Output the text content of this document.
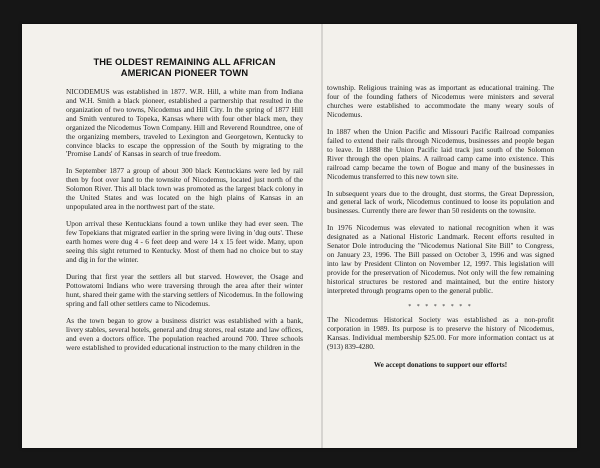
THE OLDEST REMAINING ALL AFRICAN
AMERICAN PIONEER TOWN

NICODEMUS was established in 1877. W.R. Hill, a white man from Indiana and W.H. Smith a black pioneer, established a partnership that resulted in the organization of two towns, Nicodemus and Hill City. In the spring of 1877 Hill and Smith ventured to Topeka, Kansas where with four other black men, they organized the Nicodemus Town Company. Hill and Reverend Roundtree, one of the organizing members, traveled to Lexington and Georgetown, Kentucky to convince blacks to escape the oppression of the South by migrating to the 'Promise Lands' of Kansas in search of true freedom.

In September 1877 a group of about 300 black Kentuckians were led by rail then by foot over land to the townsite of Nicodemus, located just north of the Solomon River. This all black town was promoted as the largest black colony in the United States and was located on the high plains of Kansas in an unpopulated area in the northwest part of the state.

Upon arrival these Kentuckians found a town unlike they had ever seen. The few Topekians that migrated earlier in the spring were living in 'dug outs'. These earth homes were dug 4 - 6 feet deep and were 14 x 15 feet wide. Many, upon seeing this sight returned to Kentucky. Most of them had no choice but to stay and dig in for the winter.

During that first year the settlers all but starved. However, the Osage and Pottowatomi Indians who were traversing through the area after their winter hunt, shared their game with the starving settlers of Nicodemus. In the following spring and fall other settlers came to Nicodemus.

As the town began to grow a business district was established with a bank, livery stables, several hotels, general and drug stores, real estate and law offices, and even a doctors office. The population reached around 700. Three schools were established to provided educational instruction to the many children in the

township. Religious training was as important as educational training. The four of the founding fathers of Nicodemus were ministers and several churches were established to accommodate the many weary souls of Nicodemus.

In 1887 when the Union Pacific and Missouri Pacific Railroad companies failed to extend their rails through Nicodemus, businesses and people began to leave. In 1888 the Union Pacific laid track just south of the Solomon River through the open plains. A railroad camp came into existence. This railroad camp became the town of Bogue and many of the businesses in Nicodemus transferred to this new town site.

In subsequent years due to the drought, dust storms, the Great Depression, and general lack of work, Nicodemus continued to loose its population and businesses. Currently there are fewer than 50 residents on the townsite.

In 1976 Nicodemus was elevated to national recognition when it was designated as a National Historic Landmark. Recent efforts resulted in Senator Dole introducing the "Nicodemus National Site Bill" to Congress, on January 23, 1996. The Bill passed on October 3, 1996 and was signed into law by President Clinton on November 12, 1997. This legislation will provide for the preservation of Nicodemus. Not only will the few remaining historical structures be restored and maintained, but the entire history interpreted through programs open to the general public.

* * * * * * * *

The Nicodemus Historical Society was established as a non-profit corporation in 1989. Its purpose is to preserve the history of Nicodemus, Kansas. Individual membership $25.00. For more information contact us at (913) 839-4280.

We accept donations to support our efforts!
